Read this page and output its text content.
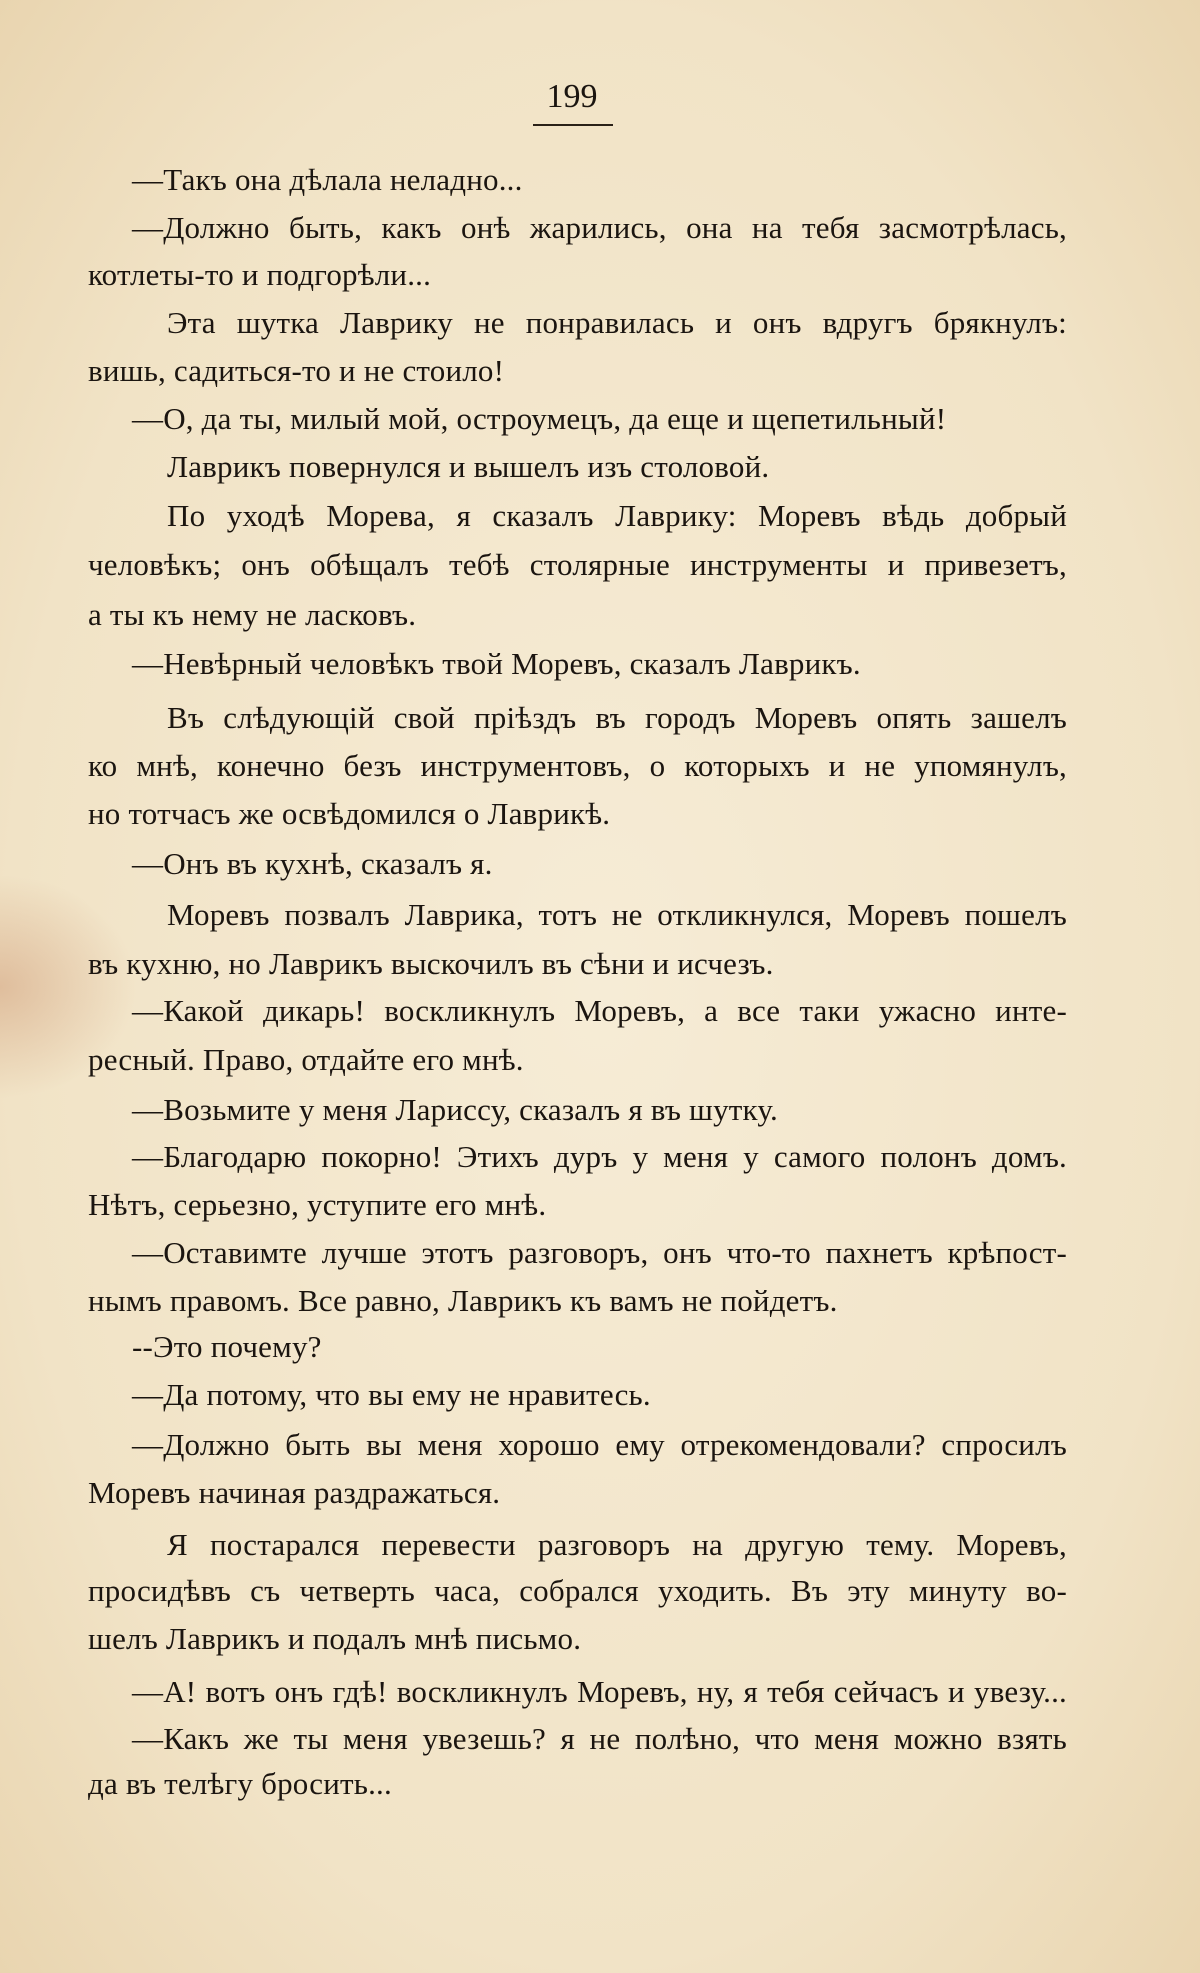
199
—Такъ она дѣлала неладно...
—Должно быть, какъ онѣ жарились, она на тебя засмотрѣлась,
котлеты-то и подгорѣли...
Эта шутка Лаврику не понравилась и онъ вдругъ брякнулъ:
вишь, садиться-то и не стоило!
—О, да ты, милый мой, остроумецъ, да еще и щепетильный!
Лаврикъ повернулся и вышелъ изъ столовой.
По уходѣ Морева, я сказалъ Лаврику: Моревъ вѣдь добрый
человѣкъ; онъ обѣщалъ тебѣ столярные инструменты и привезетъ,
а ты къ нему не ласковъ.
—Невѣрный человѣкъ твой Моревъ, сказалъ Лаврикъ.
Въ слѣдующій свой пріѣздъ въ городъ Моревъ опять зашелъ
ко мнѣ, конечно безъ инструментовъ, о которыхъ и не упомянулъ,
но тотчасъ же освѣдомился о Лаврикѣ.
—Онъ въ кухнѣ, сказалъ я.
Моревъ позвалъ Лаврика, тотъ не откликнулся, Моревъ пошелъ
въ кухню, но Лаврикъ выскочилъ въ сѣни и исчезъ.
—Какой дикарь! воскликнулъ Моревъ, а все таки ужасно инте-
ресный. Право, отдайте его мнѣ.
—Возьмите у меня Лариссу, сказалъ я въ шутку.
—Благодарю покорно! Этихъ дуръ у меня у самого полонъ домъ.
Нѣтъ, серьезно, уступите его мнѣ.
—Оставимте лучше этотъ разговоръ, онъ что-то пахнетъ крѣпост-
нымъ правомъ. Все равно, Лаврикъ къ вамъ не пойдетъ.
--Это почему?
—Да потому, что вы ему не нравитесь.
—Должно быть вы меня хорошо ему отрекомендовали? спросилъ
Моревъ начиная раздражаться.
Я постарался перевести разговоръ на другую тему. Моревъ,
просидѣвъ съ четверть часа, собрался уходить. Въ эту минуту во-
шелъ Лаврикъ и подалъ мнѣ письмо.
—А! вотъ онъ гдѣ! воскликнулъ Моревъ, ну, я тебя сейчасъ и увезу...
—Какъ же ты меня увезешь? я не полѣно, что меня можно взять
да въ телѣгу бросить...
